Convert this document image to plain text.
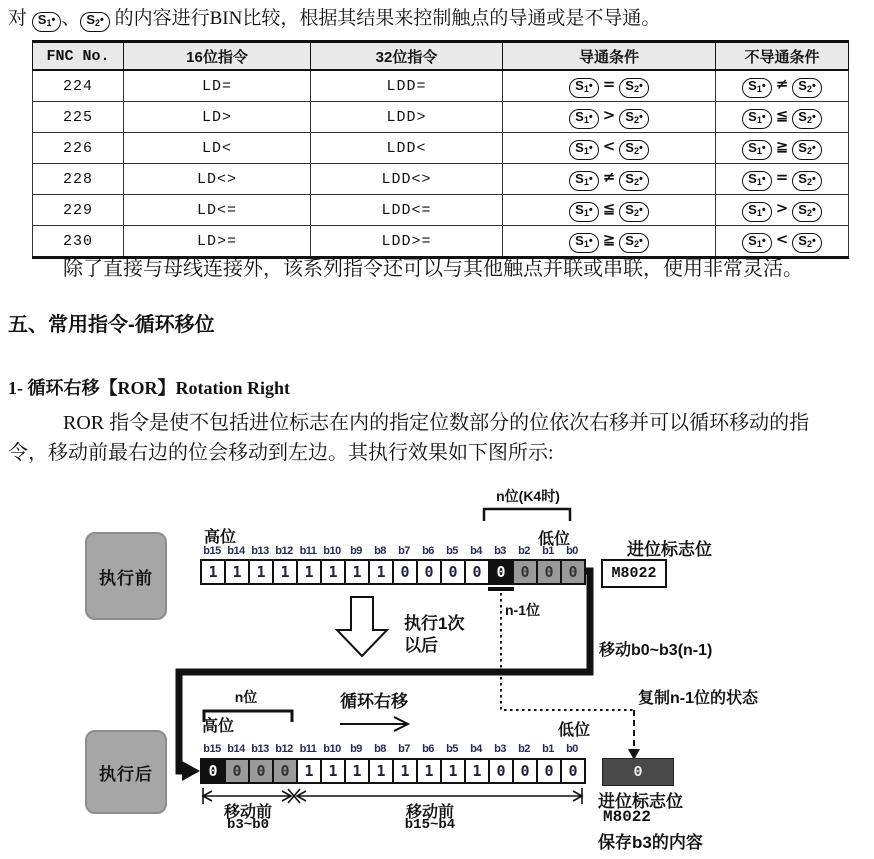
对 $S_1•$ 、 $S_2•$ 的内容进行BIN比较，根据其结果来控制触点的导通或是不导通。

FNC No.	16位指令	32位指令	导通条件	不导通条件
224	LD=	LDD=	$S_1•$ = $S_2•$	$S_1•$ ≠ $S_2•$
225	LD>	LDD>	$S_1•$ > $S_2•$	$S_1•$ ≦ $S_2•$
226	LD<	LDD<	$S_1•$ < $S_2•$	$S_1•$ ≧ $S_2•$
228	LD<>	LDD<>	$S_1•$ ≠ $S_2•$	$S_1•$ = $S_2•$
229	LD<=	LDD<=	$S_1•$ ≦ $S_2•$	$S_1•$ > $S_2•$
230	LD>=	LDD>=	$S_1•$ ≧ $S_2•$	$S_1•$ < $S_2•$

除了直接与母线连接外，该系列指令还可以与其他触点并联或串联，使用非常灵活。

五、常用指令-循环移位
1- 循环右移【ROR】Rotation Right

ROR 指令是使不包括进位标志在内的指定位数部分的位依次右移并可以循环移动的指

令，移动前最右边的位会移动到左边。其执行效果如下图所示:

n位(K4时)
执行前
高位	低位
进位标志位
b15 b14 b13 b12 b11 b10 b9	b8	b7	b6	b5	b4	b3	b2	b1	b0
1 1 1 1 1 1 1 1 0 0 0 0 0 0 0 0	M8022
n-1位
执行1次
以后	移动b0~b3(n-1)
复制n-1位的状态
n位	循环右移
高位	低位
执行后
b15 b14 b13 b12 b11 b10 b9	b8	b7	b6	b5	b4	b3	b2	b1	b0
0 0 0 0 1 1 1 1 1 1 1 1 0 0 0 0
移动前
b3~b0
移动前
b15~b4
0
进位标志位
M8022
保存b3的内容
